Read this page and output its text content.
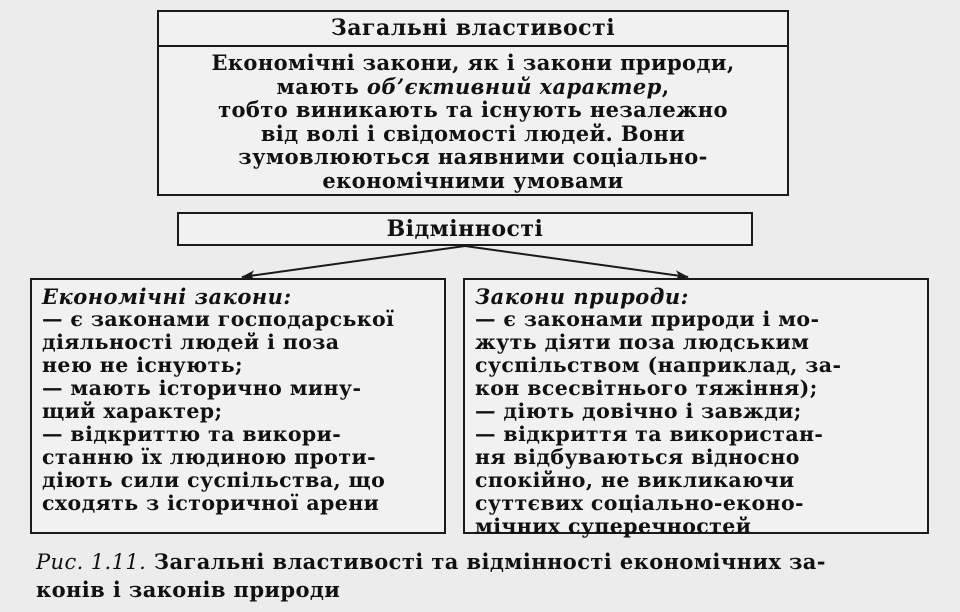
Загальні властивості
Економічні закони, як і закони природи,
мають об’єктивний характер,
тобто виникають та існують незалежно
від волі і свідомості людей. Вони
зумовлюються наявними соціально-
економічними умовами
Відмінності
Економічні закони:
— є законами господарської
діяльності людей і поза
нею не існують;
— мають історично мину-
щий характер;
— відкриттю та викори-
станню їх людиною проти-
діють сили суспільства, що
сходять з історичної арени
Закони природи:
— є законами природи і мо-
жуть діяти поза людським
суспільством (наприклад, за-
кон всесвітнього тяжіння);
— діють довічно і завжди;
— відкриття та використан-
ня відбуваються відносно
спокійно, не викликаючи
суттєвих соціально-еконо-
мічних суперечностей
Рис. 1.11. Загальні властивості та відмінності економічних за-
конів і законів природи
